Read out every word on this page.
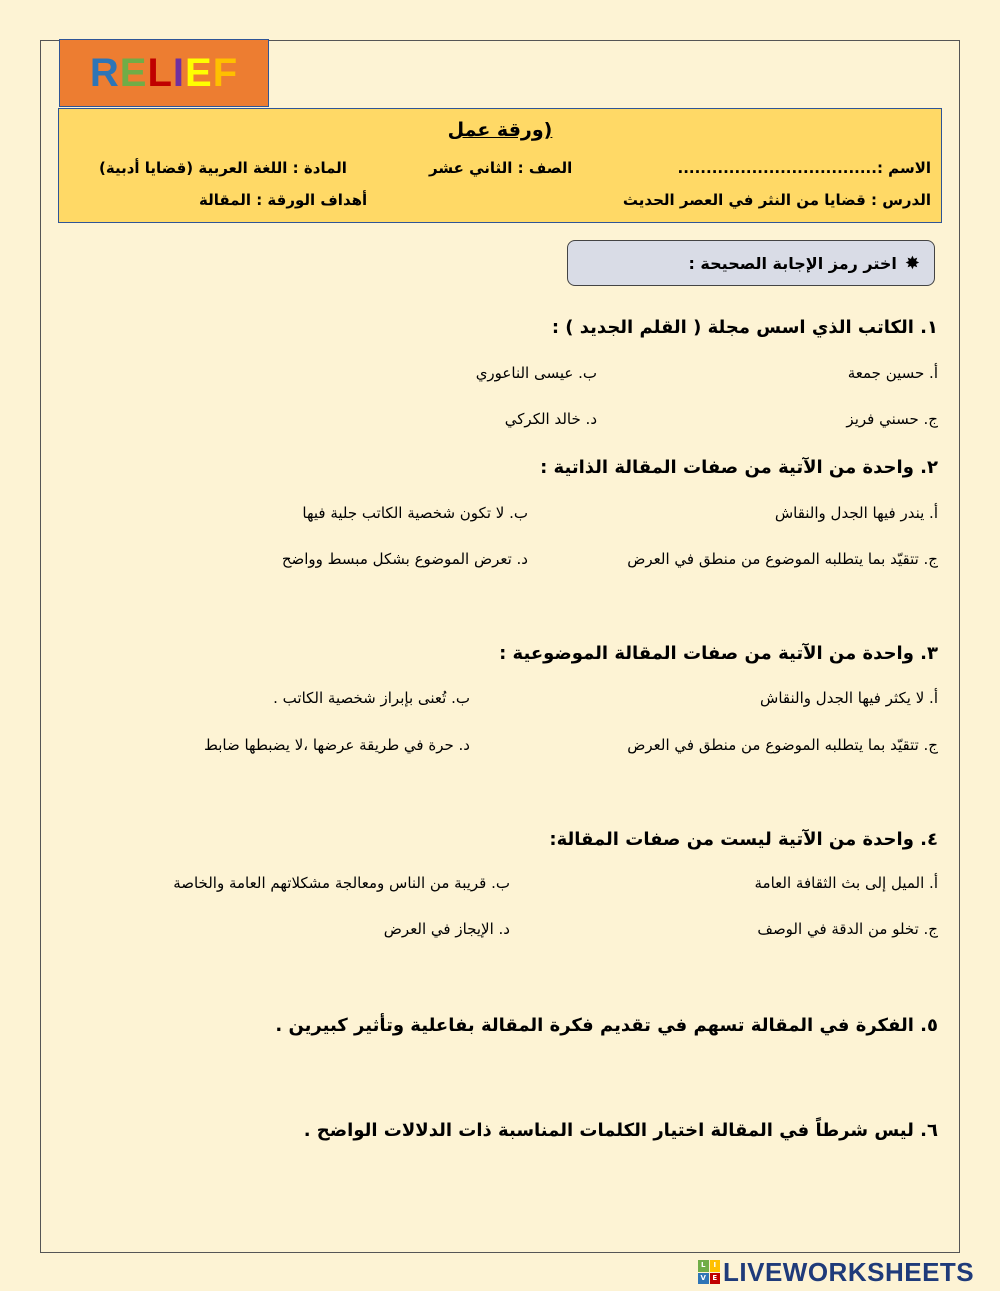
R E L I E F
ورقة عمل)
الاسم :...................................
الصف : الثاني عشر
المادة : اللغة العربية (قضايا أدبية)
الدرس : قضايا من النثر في العصر الحديث
أهداف الورقة : المقالة
✸
اختر رمز الإجابة الصحيحة :
١. الكاتب الذي اسس مجلة ( القلم الجديد ) :
أ. حسين جمعة
ب. عيسى الناعوري
ج. حسني فريز
د. خالد الكركي
٢. واحدة من الآتية من صفات المقالة الذاتية :
أ. يندر فيها الجدل والنقاش
ب. لا تكون شخصية الكاتب جلية فيها
ج. تتقيّد بما يتطلبه الموضوع من منطق في العرض
د. تعرض الموضوع بشكل مبسط وواضح
٣. واحدة من الآتية من صفات المقالة الموضوعية :
أ. لا يكثر فيها الجدل والنقاش
ب. تُعنى بإبراز شخصية الكاتب .
ج. تتقيّد بما يتطلبه الموضوع من منطق في العرض
د. حرة في طريقة عرضها ،لا يضبطها ضابط
٤. واحدة من الآتية ليست من صفات المقالة:
أ. الميل إلى بث الثقافة العامة
ب. قريبة من الناس ومعالجة مشكلاتهم العامة والخاصة
ج. تخلو من الدقة في الوصف
د. الإيجاز في العرض
٥. الفكرة في المقالة تسهم في تقديم فكرة المقالة بفاعلية وتأثير كبيرين .
٦. ليس شرطاً في المقالة اختيار الكلمات المناسبة ذات الدلالات الواضح .
L	I
V E LIVEWORKSHEETS
